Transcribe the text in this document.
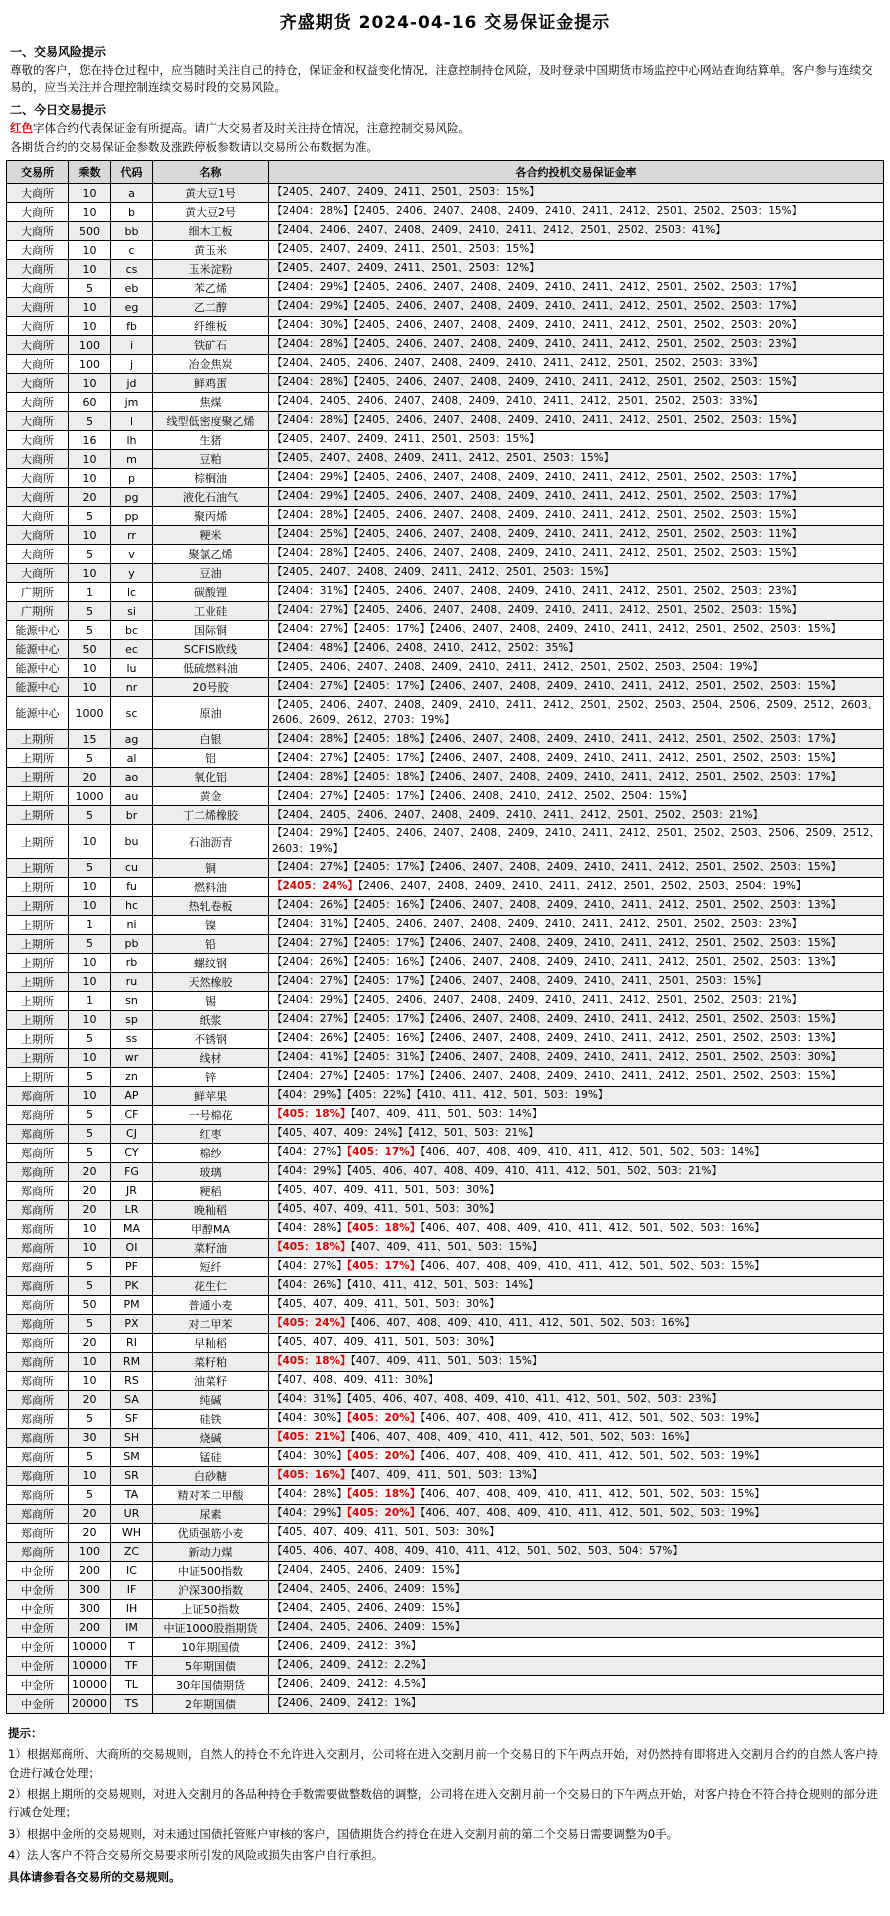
齐盛期货 2024-04-16 交易保证金提示
一、交易风险提示

尊敬的客户，您在持仓过程中，应当随时关注自己的持仓，保证金和权益变化情况，注意控制持仓风险，及时登录中国期货市场监控中心网站查询结算单。客户参与连续交易的，应当关注并合理控制连续交易时段的交易风险。

二、今日交易提示

红色字体合约代表保证金有所提高。请广大交易者及时关注持仓情况，注意控制交易风险。

各期货合约的交易保证金参数及涨跌停板参数请以交易所公布数据为准。

交易所	乘数	代码	名称	各合约投机交易保证金率
大商所	10	a	黄大豆1号	【2405、2407、2409、2411、2501、2503：15%】
大商所	10	b	黄大豆2号	【2404：28%】【2405、2406、2407、2408、2409、2410、2411、2412、2501、2502、2503：15%】
大商所	500	bb	细木工板	【2404、2406、2407、2408、2409、2410、2411、2412、2501、2502、2503：41%】
大商所	10	c	黄玉米	【2405、2407、2409、2411、2501、2503：15%】
大商所	10	cs	玉米淀粉	【2405、2407、2409、2411、2501、2503：12%】
大商所	5	eb	苯乙烯	【2404：29%】【2405、2406、2407、2408、2409、2410、2411、2412、2501、2502、2503：17%】
大商所	10	eg	乙二醇	【2404：29%】【2405、2406、2407、2408、2409、2410、2411、2412、2501、2502、2503：17%】
大商所	10	fb	纤维板	【2404：30%】【2405、2406、2407、2408、2409、2410、2411、2412、2501、2502、2503：20%】
大商所	100	i	铁矿石	【2404：28%】【2405、2406、2407、2408、2409、2410、2411、2412、2501、2502、2503：23%】
大商所	100	j	冶金焦炭	【2404、2405、2406、2407、2408、2409、2410、2411、2412、2501、2502、2503：33%】
大商所	10	jd	鲜鸡蛋	【2404：28%】【2405、2406、2407、2408、2409、2410、2411、2412、2501、2502、2503：15%】
大商所	60	jm	焦煤	【2404、2405、2406、2407、2408、2409、2410、2411、2412、2501、2502、2503：33%】
大商所	5	l	线型低密度聚乙烯	【2404：28%】【2405、2406、2407、2408、2409、2410、2411、2412、2501、2502、2503：15%】
大商所	16	lh	生猪	【2405、2407、2409、2411、2501、2503：15%】
大商所	10	m	豆粕	【2405、2407、2408、2409、2411、2412、2501、2503：15%】
大商所	10	p	棕榈油	【2404：29%】【2405、2406、2407、2408、2409、2410、2411、2412、2501、2502、2503：17%】
大商所	20	pg	液化石油气	【2404：29%】【2405、2406、2407、2408、2409、2410、2411、2412、2501、2502、2503：17%】
大商所	5	pp	聚丙烯	【2404：28%】【2405、2406、2407、2408、2409、2410、2411、2412、2501、2502、2503：15%】
大商所	10	rr	粳米	【2404：25%】【2405、2406、2407、2408、2409、2410、2411、2412、2501、2502、2503：11%】
大商所	5	v	聚氯乙烯	【2404：28%】【2405、2406、2407、2408、2409、2410、2411、2412、2501、2502、2503：15%】
大商所	10	y	豆油	【2405、2407、2408、2409、2411、2412、2501、2503：15%】
广期所	1	lc	碳酸锂	【2404：31%】【2405、2406、2407、2408、2409、2410、2411、2412、2501、2502、2503：23%】
广期所	5	si	工业硅	【2404：27%】【2405、2406、2407、2408、2409、2410、2411、2412、2501、2502、2503：15%】
能源中心	5	bc	国际铜	【2404：27%】【2405：17%】【2406、2407、2408、2409、2410、2411、2412、2501、2502、2503：15%】
能源中心	50	ec	SCFIS欧线	【2404：48%】【2406、2408、2410、2412、2502：35%】
能源中心	10	lu	低硫燃料油	【2405、2406、2407、2408、2409、2410、2411、2412、2501、2502、2503、2504：19%】
能源中心	10	nr	20号胶	【2404：27%】【2405：17%】【2406、2407、2408、2409、2410、2411、2412、2501、2502、2503：15%】
能源中心	1000	sc	原油	【2405、2406、2407、2408、2409、2410、2411、2412、2501、2502、2503、2504、2506、2509、2512、2603、2606、2609、2612、2703：19%】
上期所	15	ag	白银	【2404：28%】【2405：18%】【2406、2407、2408、2409、2410、2411、2412、2501、2502、2503：17%】
上期所	5	al	铝	【2404：27%】【2405：17%】【2406、2407、2408、2409、2410、2411、2412、2501、2502、2503：15%】
上期所	20	ao	氧化铝	【2404：28%】【2405：18%】【2406、2407、2408、2409、2410、2411、2412、2501、2502、2503：17%】
上期所	1000	au	黄金	【2404：27%】【2405：17%】【2406、2408、2410、2412、2502、2504：15%】
上期所	5	br	丁二烯橡胶	【2404、2405、2406、2407、2408、2409、2410、2411、2412、2501、2502、2503：21%】
上期所	10	bu	石油沥青	【2404：29%】【2405、2406、2407、2408、2409、2410、2411、2412、2501、2502、2503、2506、2509、2512、2603：19%】
上期所	5	cu	铜	【2404：27%】【2405：17%】【2406、2407、2408、2409、2410、2411、2412、2501、2502、2503：15%】
上期所	10	fu	燃料油	【2405：24%】【2406、2407、2408、2409、2410、2411、2412、2501、2502、2503、2504：19%】
上期所	10	hc	热轧卷板	【2404：26%】【2405：16%】【2406、2407、2408、2409、2410、2411、2412、2501、2502、2503：13%】
上期所	1	ni	镍	【2404：31%】【2405、2406、2407、2408、2409、2410、2411、2412、2501、2502、2503：23%】
上期所	5	pb	铅	【2404：27%】【2405：17%】【2406、2407、2408、2409、2410、2411、2412、2501、2502、2503：15%】
上期所	10	rb	螺纹钢	【2404：26%】【2405：16%】【2406、2407、2408、2409、2410、2411、2412、2501、2502、2503：13%】
上期所	10	ru	天然橡胶	【2404：27%】【2405：17%】【2406、2407、2408、2409、2410、2411、2501、2503：15%】
上期所	1	sn	锡	【2404：29%】【2405、2406、2407、2408、2409、2410、2411、2412、2501、2502、2503：21%】
上期所	10	sp	纸浆	【2404：27%】【2405：17%】【2406、2407、2408、2409、2410、2411、2412、2501、2502、2503：15%】
上期所	5	ss	不锈钢	【2404：26%】【2405：16%】【2406、2407、2408、2409、2410、2411、2412、2501、2502、2503：13%】
上期所	10	wr	线材	【2404：41%】【2405：31%】【2406、2407、2408、2409、2410、2411、2412、2501、2502、2503：30%】
上期所	5	zn	锌	【2404：27%】【2405：17%】【2406、2407、2408、2409、2410、2411、2412、2501、2502、2503：15%】
郑商所	10	AP	鲜苹果	【404：29%】【405：22%】【410、411、412、501、503：19%】
郑商所	5	CF	一号棉花	【405：18%】【407、409、411、501、503：14%】
郑商所	5	CJ	红枣	【405、407、409：24%】【412、501、503：21%】
郑商所	5	CY	棉纱	【404：27%】【405：17%】【406、407、408、409、410、411、412、501、502、503：14%】
郑商所	20	FG	玻璃	【404：29%】【405、406、407、408、409、410、411、412、501、502、503：21%】
郑商所	20	JR	粳稻	【405、407、409、411、501、503：30%】
郑商所	20	LR	晚籼稻	【405、407、409、411、501、503：30%】
郑商所	10	MA	甲醇MA	【404：28%】【405：18%】【406、407、408、409、410、411、412、501、502、503：16%】
郑商所	10	OI	菜籽油	【405：18%】【407、409、411、501、503：15%】
郑商所	5	PF	短纤	【404：27%】【405：17%】【406、407、408、409、410、411、412、501、502、503：15%】
郑商所	5	PK	花生仁	【404：26%】【410、411、412、501、503：14%】
郑商所	50	PM	普通小麦	【405、407、409、411、501、503：30%】
郑商所	5	PX	对二甲苯	【405：24%】【406、407、408、409、410、411、412、501、502、503：16%】
郑商所	20	RI	早籼稻	【405、407、409、411、501、503：30%】
郑商所	10	RM	菜籽粕	【405：18%】【407、409、411、501、503：15%】
郑商所	10	RS	油菜籽	【407、408、409、411：30%】
郑商所	20	SA	纯碱	【404：31%】【405、406、407、408、409、410、411、412、501、502、503：23%】
郑商所	5	SF	硅铁	【404：30%】【405：20%】【406、407、408、409、410、411、412、501、502、503：19%】
郑商所	30	SH	烧碱	【405：21%】【406、407、408、409、410、411、412、501、502、503：16%】
郑商所	5	SM	锰硅	【404：30%】【405：20%】【406、407、408、409、410、411、412、501、502、503：19%】
郑商所	10	SR	白砂糖	【405：16%】【407、409、411、501、503：13%】
郑商所	5	TA	精对苯二甲酸	【404：28%】【405：18%】【406、407、408、409、410、411、412、501、502、503：15%】
郑商所	20	UR	尿素	【404：29%】【405：20%】【406、407、408、409、410、411、412、501、502、503：19%】
郑商所	20	WH	优质强筋小麦	【405、407、409、411、501、503：30%】
郑商所	100	ZC	新动力煤	【405、406、407、408、409、410、411、412、501、502、503、504：57%】
中金所	200	IC	中证500指数	【2404、2405、2406、2409：15%】
中金所	300	IF	沪深300指数	【2404、2405、2406、2409：15%】
中金所	300	IH	上证50指数	【2404、2405、2406、2409：15%】
中金所	200	IM	中证1000股指期货	【2404、2405、2406、2409：15%】
中金所	10000	T	10年期国债	【2406、2409、2412：3%】
中金所	10000	TF	5年期国债	【2406、2409、2412：2.2%】
中金所	10000	TL	30年国债期货	【2406、2409、2412：4.5%】
中金所	20000	TS	2年期国债	【2406、2409、2412：1%】
提示：

1）根据郑商所、大商所的交易规则，自然人的持仓不允许进入交割月，公司将在进入交割月前一个交易日的下午两点开始，对仍然持有即将进入交割月合约的自然人客户持仓进行减仓处理；

2）根据上期所的交易规则，对进入交割月的各品种持仓手数需要做整数倍的调整，公司将在进入交割月前一个交易日的下午两点开始，对客户持仓不符合持仓规则的部分进行减仓处理；

3）根据中金所的交易规则，对未通过国债托管账户审核的客户，国债期货合约持仓在进入交割月前的第二个交易日需要调整为0手。

4）法人客户不符合交易所交易要求所引发的风险或损失由客户自行承担。

具体请参看各交易所的交易规则。
